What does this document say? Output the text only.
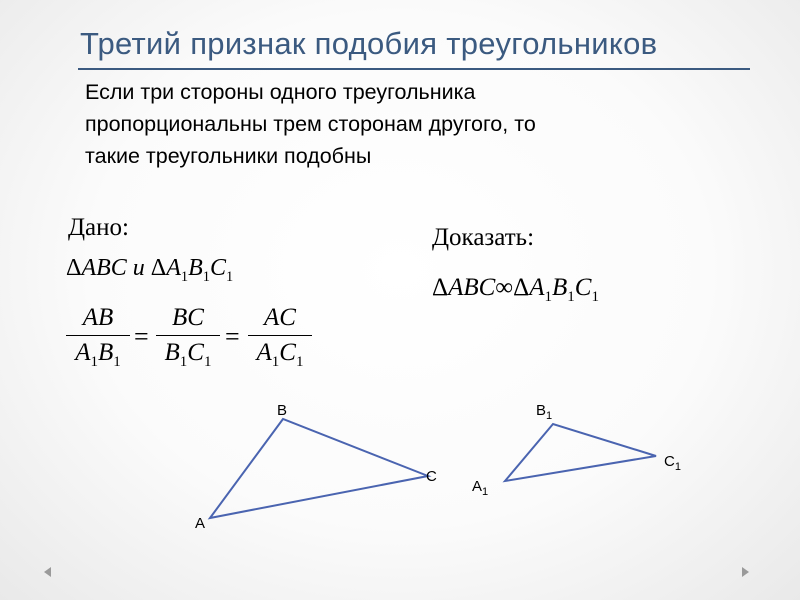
Третий признак подобия треугольников

Если три стороны одного треугольника
пропорциональны трем сторонам другого, то
такие треугольники подобны

Дано:	Доказать:
ΔABC и $\Delta A_1B_1C_1$
AB
$A_1B_1$
=
BC
$B_1C_1$
=
AC
$A_1C_1$
$\Delta ABC\infty\Delta A_1B_1C_1$
B
C
A
$B_1$
$C_1$
$A_1$
